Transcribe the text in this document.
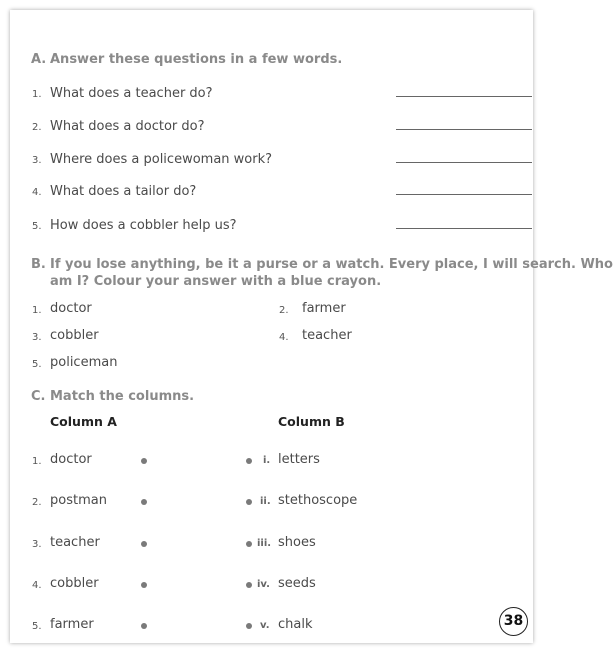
A. Answer these questions in a few words.
1. What does a teacher do?
2. What does a doctor do?
3. Where does a policewoman work?
4. What does a tailor do?
5. How does a cobbler help us?
B. If you lose anything, be it a purse or a watch. Every place, I will search. Who
am I? Colour your answer with a blue crayon.
1. doctor	2. farmer
3. cobbler	4. teacher
5. policeman
C. Match the columns.
Column A	Column B
1. doctor	i. letters
2. postman	ii. stethoscope
3. teacher	iii. shoes
4. cobbler	iv. seeds
5. farmer	v. chalk	38
